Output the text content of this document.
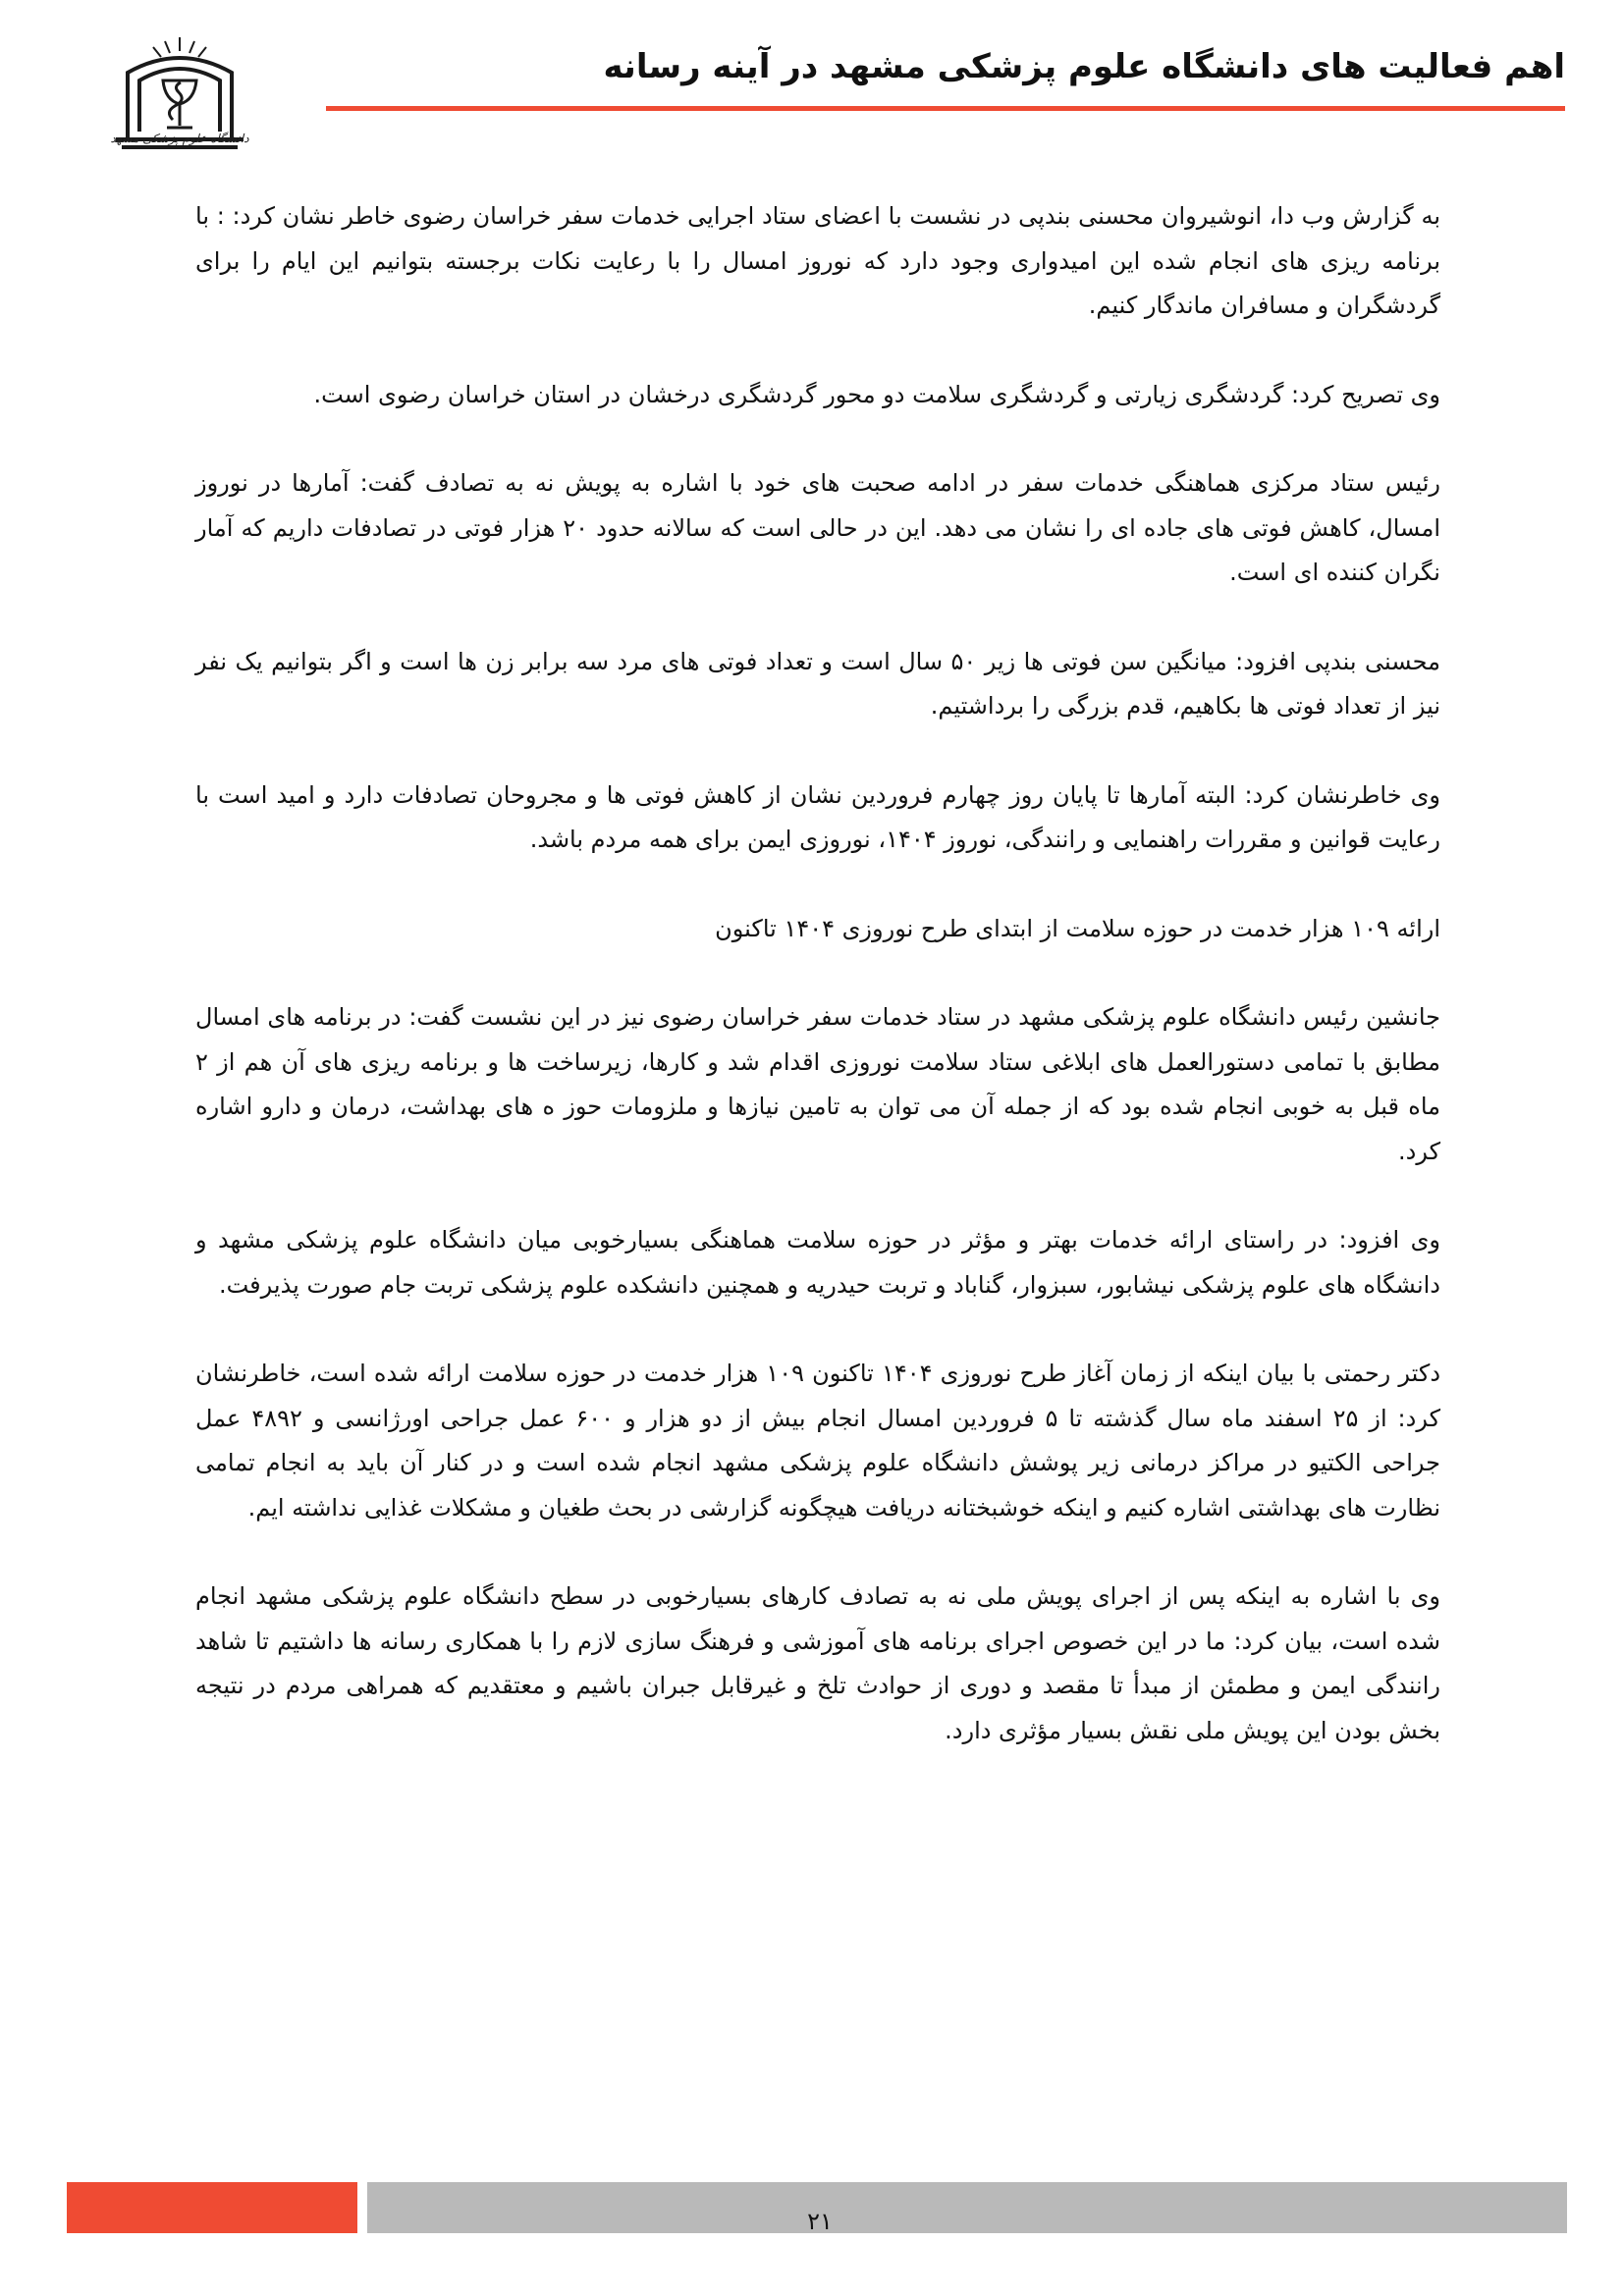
اهم فعالیت های دانشگاه علوم پزشکی مشهد در آینه رسانه
دانشگاه علوم پزشکی مشهد

به گزارش وب دا، انوشیروان محسنی بندپی در نشست با اعضای ستاد اجرایی خدمات سفر خراسان رضوی خاطر نشان کرد: : با برنامه ریزی های انجام شده این امیدواری وجود دارد که نوروز امسال را با رعایت نکات برجسته بتوانیم این ایام را برای گردشگران و مسافران ماندگار کنیم.

وی تصریح کرد: گردشگری زیارتی و گردشگری سلامت دو محور گردشگری درخشان در استان خراسان رضوی است.

رئیس ستاد مرکزی هماهنگی خدمات سفر در ادامه صحبت های خود با اشاره به پویش نه به تصادف گفت: آمارها در نوروز امسال، کاهش فوتی های جاده ای را نشان می دهد. این در حالی است که سالانه حدود ۲۰ هزار فوتی در تصادفات داریم که آمار نگران کننده ای است.

محسنی بندپی افزود: میانگین سن فوتی ها زیر ۵۰ سال است و تعداد فوتی های مرد سه برابر زن ها است و اگر بتوانیم یک نفر نیز از تعداد فوتی ها بکاهیم، قدم بزرگی را برداشتیم.

وی خاطرنشان کرد: البته آمارها تا پایان روز چهارم فروردین نشان از کاهش فوتی ها و مجروحان تصادفات دارد و امید است با رعایت قوانین و مقررات راهنمایی و رانندگی، نوروز ۱۴۰۴، نوروزی ایمن برای همه مردم باشد.

ارائه ۱۰۹ هزار خدمت در حوزه سلامت از ابتدای طرح نوروزی ۱۴۰۴ تاکنون

جانشین رئیس دانشگاه علوم پزشکی مشهد در ستاد خدمات سفر خراسان رضوی نیز در این نشست گفت: در برنامه های امسال مطابق با تمامی دستورالعمل های ابلاغی ستاد سلامت نوروزی اقدام شد و کارها، زیرساخت ها و برنامه ریزی های آن هم از ۲ ماه قبل به خوبی انجام شده بود که از جمله آن می توان به تامین نیازها و ملزومات حوز ه های بهداشت، درمان و دارو اشاره کرد.

وی افزود: در راستای ارائه خدمات بهتر و مؤثر در حوزه سلامت هماهنگی بسیارخوبی میان دانشگاه علوم پزشکی مشهد و دانشگاه های علوم پزشکی نیشابور، سبزوار، گناباد و تربت حیدریه و همچنین دانشکده علوم پزشکی تربت جام صورت پذیرفت.

دکتر رحمتی با بیان اینکه از زمان آغاز طرح نوروزی ۱۴۰۴ تاکنون ۱۰۹ هزار خدمت در حوزه سلامت ارائه شده است، خاطرنشان کرد: از ۲۵ اسفند ماه سال گذشته تا ۵ فروردین امسال انجام بیش از دو هزار و ۶۰۰ عمل جراحی اورژانسی و ۴۸۹۲ عمل جراحی الکتیو در مراکز درمانی زیر پوشش دانشگاه علوم پزشکی مشهد انجام شده است و در کنار آن باید به انجام تمامی نظارت های بهداشتی اشاره کنیم و اینکه خوشبختانه دریافت هیچگونه گزارشی در بحث طغیان و مشکلات غذایی نداشته ایم.

وی با اشاره به اینکه پس از اجرای پویش ملی نه به تصادف کارهای بسیارخوبی در سطح دانشگاه علوم پزشکی مشهد انجام شده است، بیان کرد: ما در این خصوص اجرای برنامه های آموزشی و فرهنگ سازی لازم را با همکاری رسانه ها داشتیم تا شاهد رانندگی ایمن و مطمئن از مبدأ تا مقصد و دوری از حوادث تلخ و غیرقابل جبران باشیم و معتقدیم که همراهی مردم در نتیجه بخش بودن این پویش ملی نقش بسیار مؤثری دارد.

۲۱
